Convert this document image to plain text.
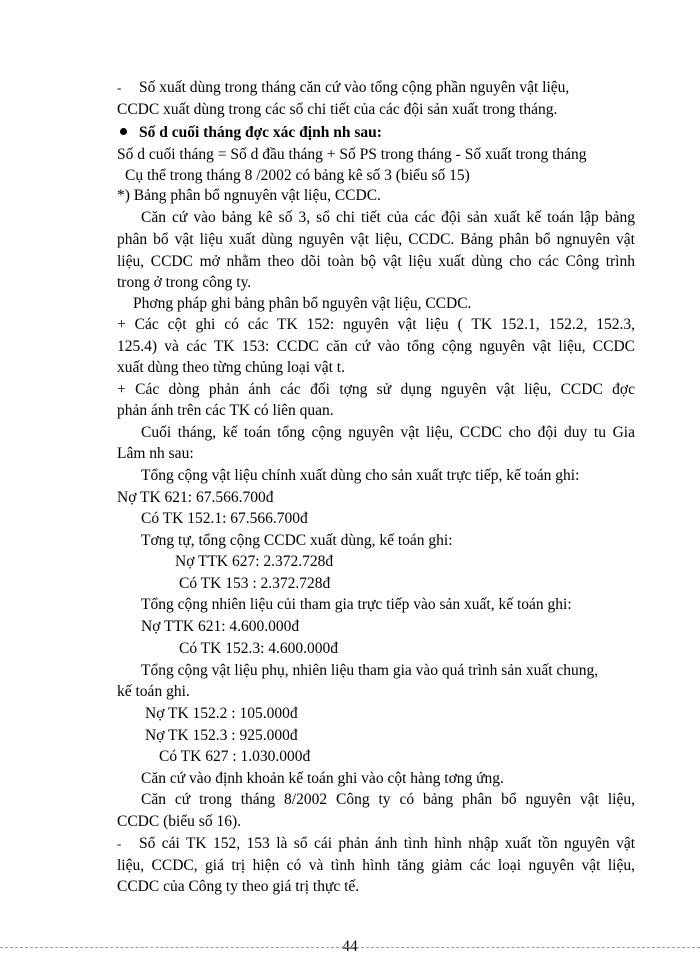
- Số xuất dùng trong tháng căn cứ vào tổng cộng phần nguyên vật liệu,
CCDC xuất dùng trong các sổ chi tiết của các đội sản xuất trong tháng.
Số d cuối tháng đợc xác định nh sau:
Số d cuối tháng = Số d đầu tháng + Số PS trong tháng - Số xuất trong tháng
Cụ thể trong tháng 8 /2002 có bảng kê số 3 (biểu số 15)
*) Bảng phân bổ ngnuyên vật liệu, CCDC.
Căn cứ vào bảng kê số 3, sổ chi tiết của các đội sản xuất kế toán lập bảng
phân bổ vật liệu xuất dùng nguyên vật liệu, CCDC. Bảng phân bổ ngnuyên vật
liệu, CCDC mở nhằm theo dõi toàn bộ vật liệu xuất dùng cho các Công trình
trong ở trong công ty.
Phơng pháp ghi bảng phân bổ nguyên vật liệu, CCDC.
+ Các cột ghi có các TK 152: nguyên vật liệu ( TK 152.1, 152.2, 152.3,
125.4) và các TK 153: CCDC căn cứ vào tổng cộng nguyên vật liệu, CCDC
xuất dùng theo từng chủng loại vật t.
+ Các dòng phản ánh các đối tợng sử dụng nguyên vật liệu, CCDC đợc
phản ánh trên các TK có liên quan.
Cuối tháng, kế toán tổng cộng nguyên vật liệu, CCDC cho đội duy tu Gia
Lâm nh sau:
Tổng cộng vật liệu chính xuất dùng cho sản xuất trực tiếp, kế toán ghi:
Nợ TK 621: 67.566.700đ
Có TK 152.1: 67.566.700đ
Tơng tự, tổng cộng CCDC xuất dùng, kế toán ghi:
Nợ TTK 627: 2.372.728đ
Có TK 153 : 2.372.728đ
Tổng cộng nhiên liệu củi tham gia trực tiếp vào sản xuất, kế toán ghi:
Nợ TTK 621: 4.600.000đ
Có TK 152.3: 4.600.000đ
Tổng cộng vật liệu phụ, nhiên liệu tham gia vào quá trình sản xuất chung,
kế toán ghi.
Nợ TK 152.2 : 105.000đ
Nợ TK 152.3 : 925.000đ
Có TK 627 : 1.030.000đ
Căn cứ vào định khoản kế toán ghi vào cột hàng tơng ứng.
Căn cứ trong tháng 8/2002 Công ty có bảng phân bổ nguyên vật liệu,
CCDC (biểu số 16).
- Sổ cái TK 152, 153 là sổ cái phản ánh tình hình nhập xuất tồn nguyên vật
liệu, CCDC, giá trị hiện có và tình hình tăng giảm các loại nguyên vật liệu,
CCDC của Công ty theo giá trị thực tế.
44
